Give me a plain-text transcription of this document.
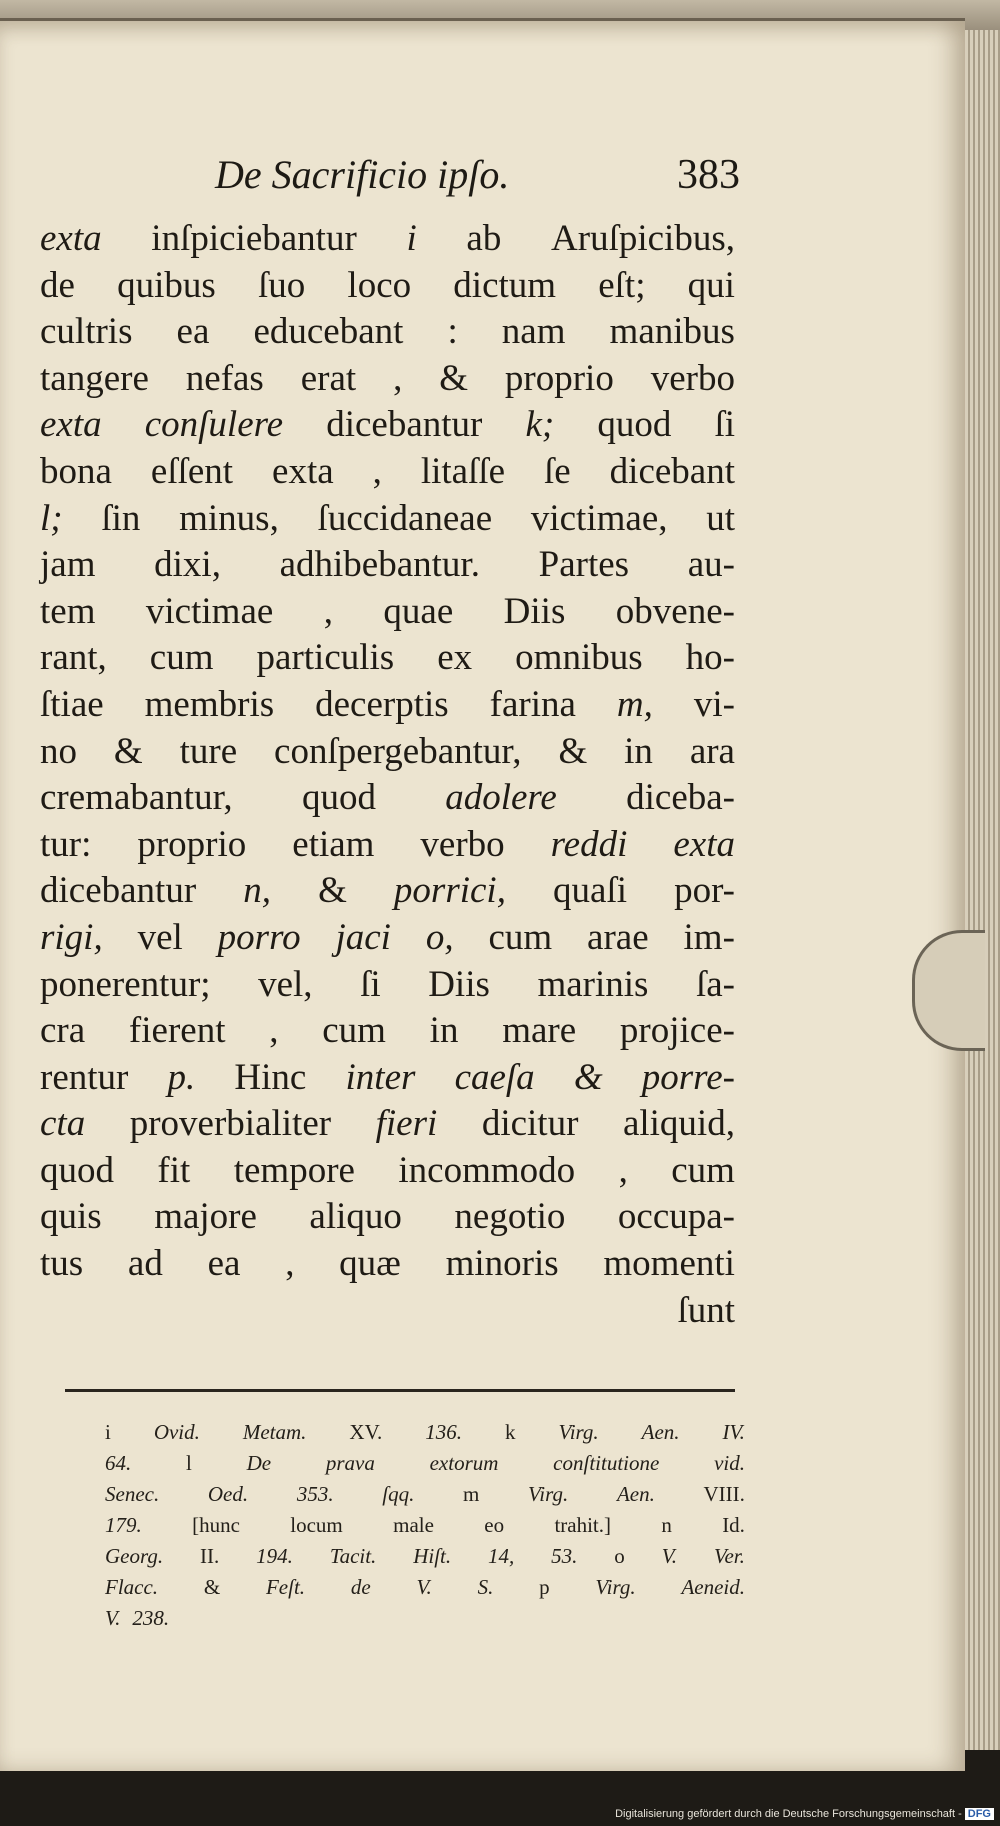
De Sacrificio ipſo.	383
exta inſpiciebantur i ab Aruſpicibus,
de quibus ſuo loco dictum eſt; qui
cultris ea educebant : nam manibus
tangere nefas erat , & proprio verbo
exta conſulere dicebantur k; quod ſi
bona eſſent exta , litaſſe ſe dicebant
l; ſin minus, ſuccidaneae victimae, ut
jam dixi, adhibebantur. Partes au-
tem victimae , quae Diis obvene-
rant, cum particulis ex omnibus ho-
ſtiae membris decerptis farina m, vi-
no & ture conſpergebantur, & in ara
cremabantur, quod adolere diceba-
tur: proprio etiam verbo reddi exta
dicebantur n, & porrici, quaſi por-
rigi, vel porro jaci o, cum arae im-
ponerentur; vel, ſi Diis marinis ſa-
cra fierent , cum in mare projice-
rentur p. Hinc inter caeſa & porre-
cta proverbialiter fieri dicitur aliquid,
quod fit tempore incommodo , cum
quis majore aliquo negotio occupa-
tus ad ea , quæ minoris momenti
ſunt
i Ovid. Metam. XV. 136. k Virg. Aen. IV.
64.	l	De	prava	extorum	conſtitutione	vid.
Senec. Oed. 353. ſqq. m Virg. Aen. VIII.
179. [hunc locum male eo trahit.] n Id.
Georg. II. 194. Tacit. Hiſt. 14, 53. o V. Ver.
Flacc. & Feſt. de V. S. p Virg. Aeneid.
V. 238.
Digitalisierung gefördert durch die Deutsche Forschungsgemeinschaft - DFG
